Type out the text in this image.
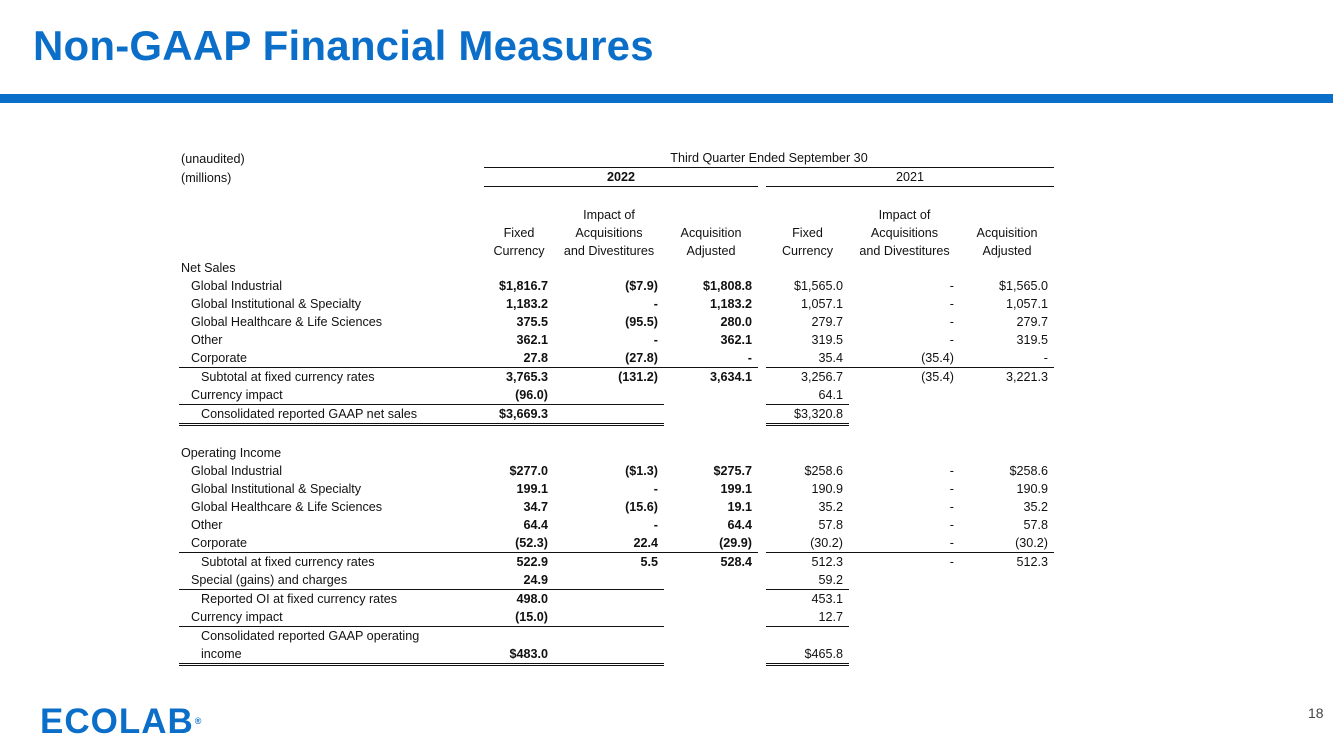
Non-GAAP Financial Measures
(unaudited)		Third Quarter Ended September 30						
(millions)		2022				2021		

			Impact of				Impact of	
		Fixed	Acquisitions	Acquisition		Fixed	Acquisitions	Acquisition
		Currency	and Divestitures	Adjusted		Currency	and Divestitures	Adjusted
Net Sales								
Global Industrial		$1,816.7	($7.9)	$1,808.8		$1,565.0	-	$1,565.0
Global Institutional & Specialty		1,183.2	-	1,183.2		1,057.1	-	1,057.1
Global Healthcare & Life Sciences		375.5	(95.5)	280.0		279.7	-	279.7
Other		362.1	-	362.1		319.5	-	319.5
Corporate		27.8	(27.8)	-		35.4	(35.4)	-
Subtotal at fixed currency rates		3,765.3	(131.2)	3,634.1		3,256.7	(35.4)	3,221.3
Currency impact		(96.0)				64.1		
Consolidated reported GAAP net sales		$3,669.3				$3,320.8		

Operating Income								
Global Industrial		$277.0	($1.3)	$275.7		$258.6	-	$258.6
Global Institutional & Specialty		199.1	-	199.1		190.9	-	190.9
Global Healthcare & Life Sciences		34.7	(15.6)	19.1		35.2	-	35.2
Other		64.4	-	64.4		57.8	-	57.8
Corporate		(52.3)	22.4	(29.9)		(30.2)	-	(30.2)
Subtotal at fixed currency rates		522.9	5.5	528.4		512.3	-	512.3
Special (gains) and charges		24.9				59.2		
Reported OI at fixed currency rates		498.0				453.1		
Currency impact		(15.0)				12.7		
Consolidated reported GAAP operating								
income		$483.0				$465.8		
ECOLAB®	18
